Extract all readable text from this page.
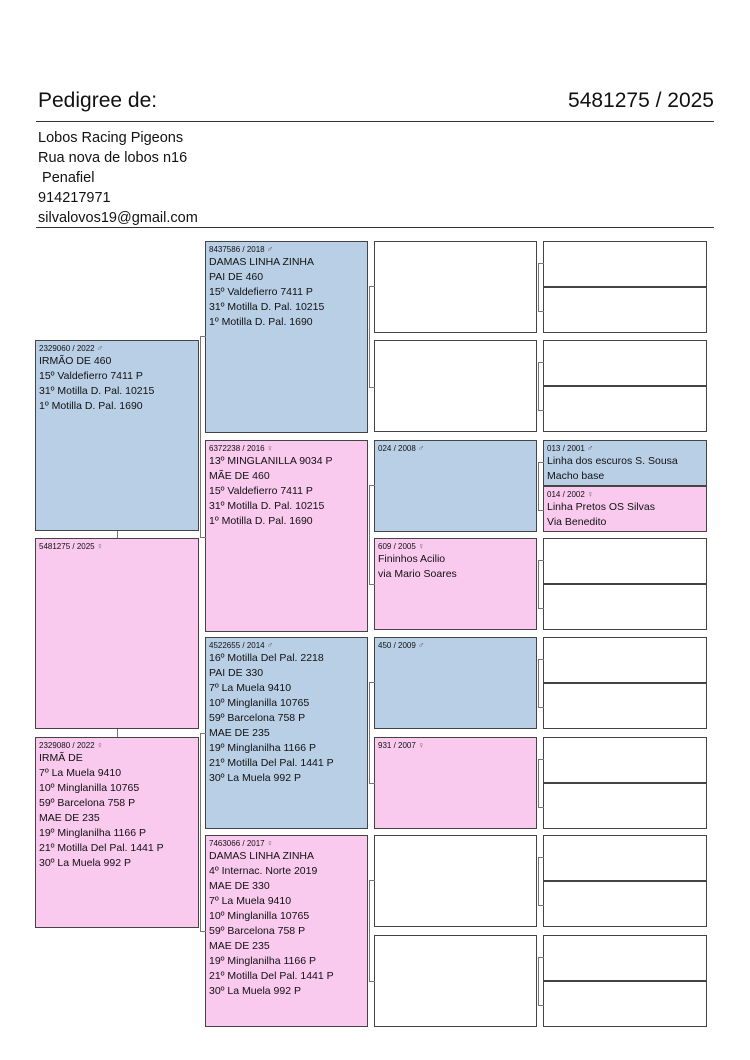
Pedigree de:	5481275 / 2025
Lobos Racing Pigeons
Rua nova de lobos n16
Penafiel
914217971
silvalovos19@gmail.com
2329060 / 2022 ♂
IRMÃO DE 460
15º Valdefierro 7411 P
31º Motilla D. Pal. 10215
1º Motilla D. Pal. 1690
5481275 / 2025 ♀
2329080 / 2022 ♀
IRMÃ DE
7º La Muela 9410
10º Minglanilla 10765
59º Barcelona 758 P
MAE DE 235
19º Minglanilha 1166 P
21º Motilla Del Pal. 1441 P
30º La Muela 992 P
8437586 / 2018 ♂
DAMAS LINHA ZINHA
PAI DE 460
15º Valdefierro 7411 P
31º Motilla D. Pal. 10215
1º Motilla D. Pal. 1690
6372238 / 2016 ♀
13º MINGLANILLA 9034 P
MÃE DE 460
15º Valdefierro 7411 P
31º Motilla D. Pal. 10215
1º Motilla D. Pal. 1690
4522655 / 2014 ♂
16º Motilla Del Pal. 2218
PAI DE 330
7º La Muela 9410
10º Minglanilla 10765
59º Barcelona 758 P
MAE DE 235
19º Minglanilha 1166 P
21º Motilla Del Pal. 1441 P
30º La Muela 992 P
7463066 / 2017 ♀
DAMAS LINHA ZINHA
4º Internac. Norte 2019
MAE DE 330
7º La Muela 9410
10º Minglanilla 10765
59º Barcelona 758 P
MAE DE 235
19º Minglanilha 1166 P
21º Motilla Del Pal. 1441 P
30º La Muela 992 P
024 / 2008 ♂
609 / 2005 ♀
Fininhos Acilio
via Mario Soares
450 / 2009 ♂
931 / 2007 ♀
013 / 2001 ♂
Linha dos escuros S. Sousa
Macho base
014 / 2002 ♀
Linha Pretos OS Silvas
Via Benedito
